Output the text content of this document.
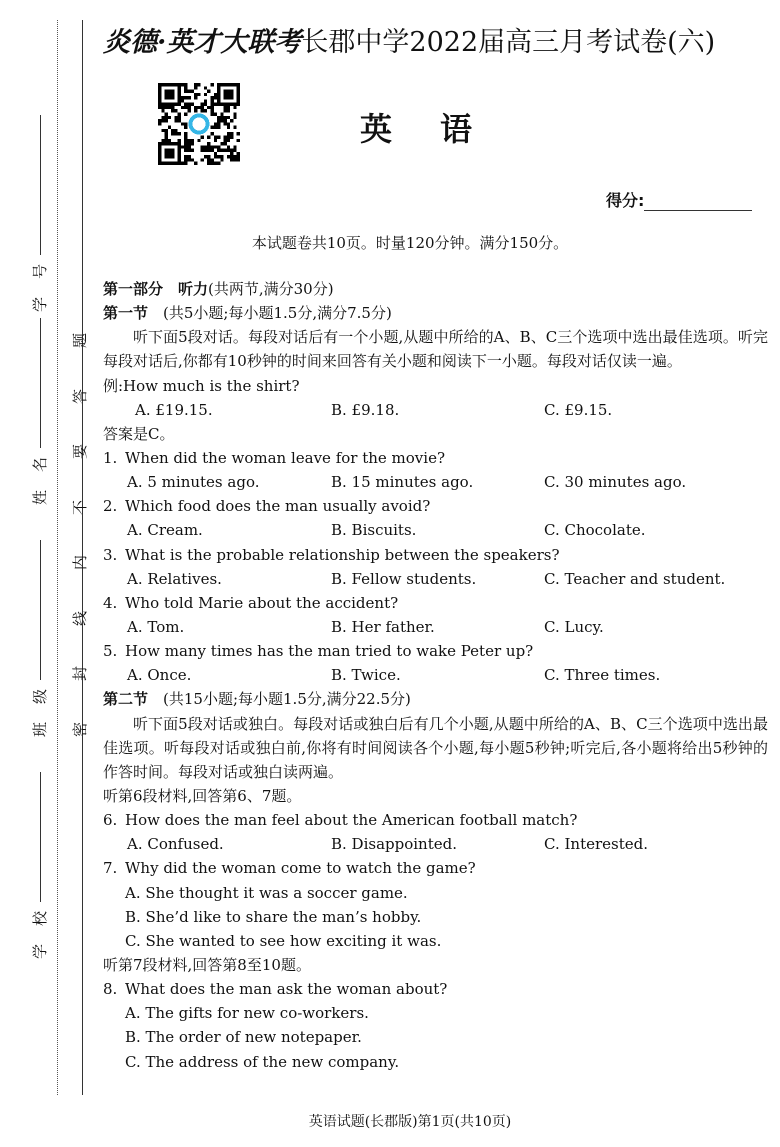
题
答
要
不
内
线
封
密
号
学
名
姓
级
班
校
学
炎德·英才大联考长郡中学2022届高三月考试卷(六)
英语
得分:
本试题卷共10页。时量120分钟。满分150分。
第一部分　听力(共两节,满分30分)
第一节　(共5小题;每小题1.5分,满分7.5分)
听下面5段对话。每段对话后有一个小题,从题中所给的A、B、C三个选项中选出最佳选项。听完每段对话后,你都有10秒钟的时间来回答有关小题和阅读下一小题。每段对话仅读一遍。
例:How much is the shirt?
A. £19.15.	B. £9.18.	C. £9.15.
答案是C。
1. When did the woman leave for the movie?
A. 5 minutes ago.	B. 15 minutes ago.	C. 30 minutes ago.
2. Which food does the man usually avoid?
A. Cream.	B. Biscuits.	C. Chocolate.
3. What is the probable relationship between the speakers?
A. Relatives.	B. Fellow students.	C. Teacher and student.
4. Who told Marie about the accident?
A. Tom.	B. Her father.	C. Lucy.
5. How many times has the man tried to wake Peter up?
A. Once.	B. Twice.	C. Three times.
第二节　(共15小题;每小题1.5分,满分22.5分)
听下面5段对话或独白。每段对话或独白后有几个小题,从题中所给的A、B、C三个选项中选出最佳选项。听每段对话或独白前,你将有时间阅读各个小题,每小题5秒钟;听完后,各小题将给出5秒钟的作答时间。每段对话或独白读两遍。
听第6段材料,回答第6、7题。
6. How does the man feel about the American football match?
A. Confused.	B. Disappointed.	C. Interested.
7. Why did the woman come to watch the game?
A. She thought it was a soccer game.
B. She’d like to share the man’s hobby.
C. She wanted to see how exciting it was.
听第7段材料,回答第8至10题。
8. What does the man ask the woman about?
A. The gifts for new co-workers.
B. The order of new notepaper.
C. The address of the new company.
英语试题(长郡版)第1页(共10页)
